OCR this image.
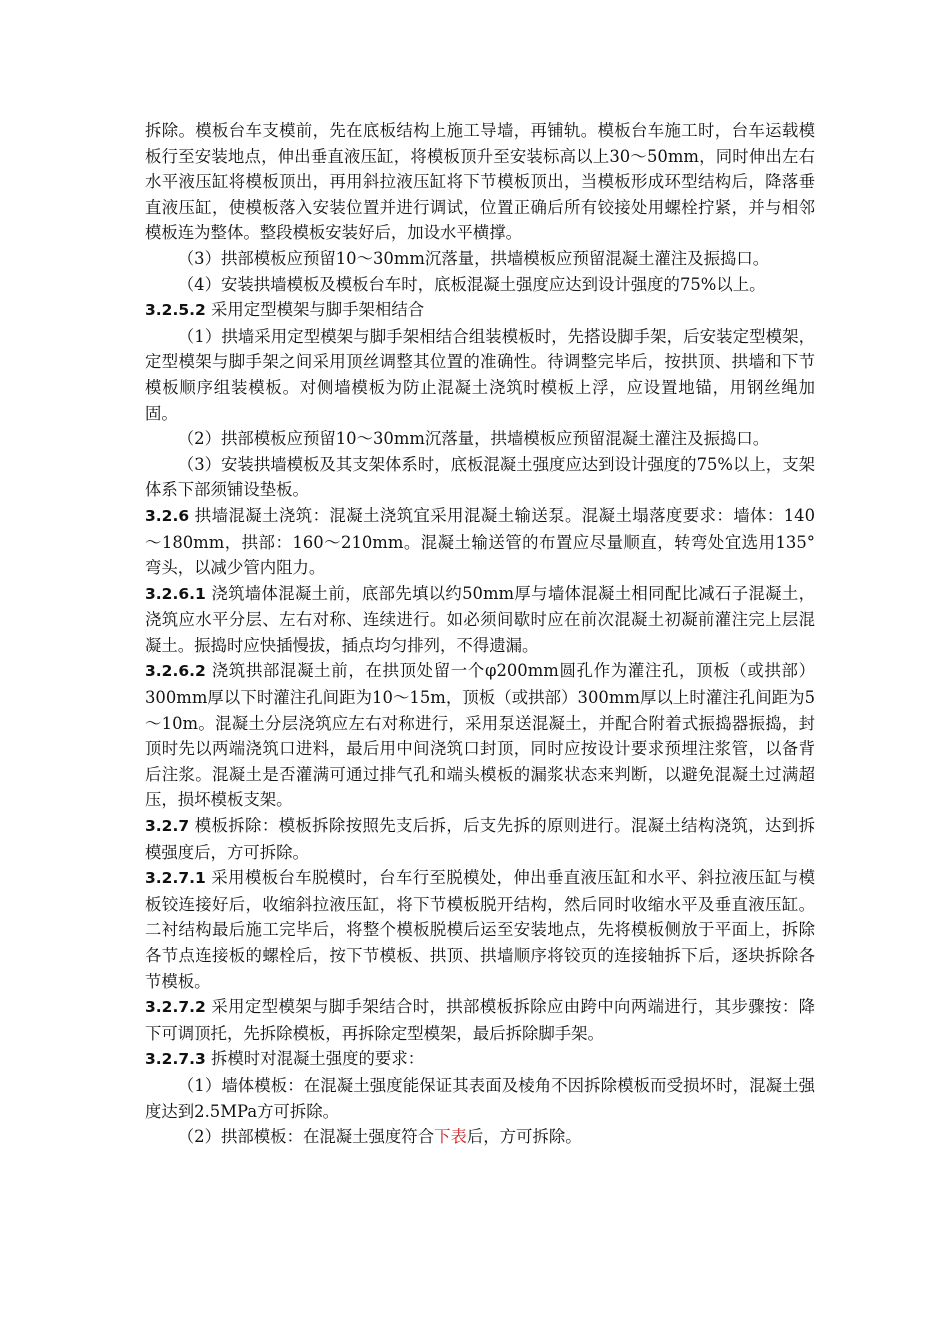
拆除。模板台车支模前，先在底板结构上施工导墙，再铺轨。模板台车施工时，台车运载模板行至安装地点，伸出垂直液压缸，将模板顶升至安装标高以上30～50mm，同时伸出左右水平液压缸将模板顶出，再用斜拉液压缸将下节模板顶出，当模板形成环型结构后，降落垂直液压缸，使模板落入安装位置并进行调试，位置正确后所有铰接处用螺栓拧紧，并与相邻模板连为整体。整段模板安装好后，加设水平横撑。

（3）拱部模板应预留10～30mm沉落量，拱墙模板应预留混凝土灌注及振捣口。

（4）安装拱墙模板及模板台车时，底板混凝土强度应达到设计强度的75%以上。

3.2.5.2 采用定型模架与脚手架相结合

（1）拱墙采用定型模架与脚手架相结合组装模板时，先搭设脚手架，后安装定型模架，定型模架与脚手架之间采用顶丝调整其位置的准确性。待调整完毕后，按拱顶、拱墙和下节模板顺序组装模板。对侧墙模板为防止混凝土浇筑时模板上浮，应设置地锚，用钢丝绳加固。

（2）拱部模板应预留10～30mm沉落量，拱墙模板应预留混凝土灌注及振捣口。

（3）安装拱墙模板及其支架体系时，底板混凝土强度应达到设计强度的75%以上，支架体系下部须铺设垫板。

3.2.6 拱墙混凝土浇筑：混凝土浇筑宜采用混凝土输送泵。混凝土塌落度要求：墙体：140～180mm，拱部：160～210mm。混凝土输送管的布置应尽量顺直，转弯处宜选用135°弯头，以减少管内阻力。

3.2.6.1 浇筑墙体混凝土前，底部先填以约50mm厚与墙体混凝土相同配比减石子混凝土，浇筑应水平分层、左右对称、连续进行。如必须间歇时应在前次混凝土初凝前灌注完上层混凝土。振捣时应快插慢拔，插点均匀排列，不得遗漏。

3.2.6.2 浇筑拱部混凝土前，在拱顶处留一个φ200mm圆孔作为灌注孔，顶板（或拱部）300mm厚以下时灌注孔间距为10～15m，顶板（或拱部）300mm厚以上时灌注孔间距为5～10m。混凝土分层浇筑应左右对称进行，采用泵送混凝土，并配合附着式振捣器振捣，封顶时先以两端浇筑口进料，最后用中间浇筑口封顶，同时应按设计要求预埋注浆管，以备背后注浆。混凝土是否灌满可通过排气孔和端头模板的漏浆状态来判断，以避免混凝土过满超压，损坏模板支架。

3.2.7 模板拆除：模板拆除按照先支后拆，后支先拆的原则进行。混凝土结构浇筑，达到拆模强度后，方可拆除。

3.2.7.1 采用模板台车脱模时，台车行至脱模处，伸出垂直液压缸和水平、斜拉液压缸与模板铰连接好后，收缩斜拉液压缸，将下节模板脱开结构，然后同时收缩水平及垂直液压缸。二衬结构最后施工完毕后，将整个模板脱模后运至安装地点，先将模板侧放于平面上，拆除各节点连接板的螺栓后，按下节模板、拱顶、拱墙顺序将铰页的连接轴拆下后，逐块拆除各节模板。

3.2.7.2 采用定型模架与脚手架结合时，拱部模板拆除应由跨中向两端进行，其步骤按：降下可调顶托，先拆除模板，再拆除定型模架，最后拆除脚手架。

3.2.7.3 拆模时对混凝土强度的要求：

（1）墙体模板：在混凝土强度能保证其表面及棱角不因拆除模板而受损坏时，混凝土强度达到2.5MPa方可拆除。

（2）拱部模板：在混凝土强度符合下表后，方可拆除。
